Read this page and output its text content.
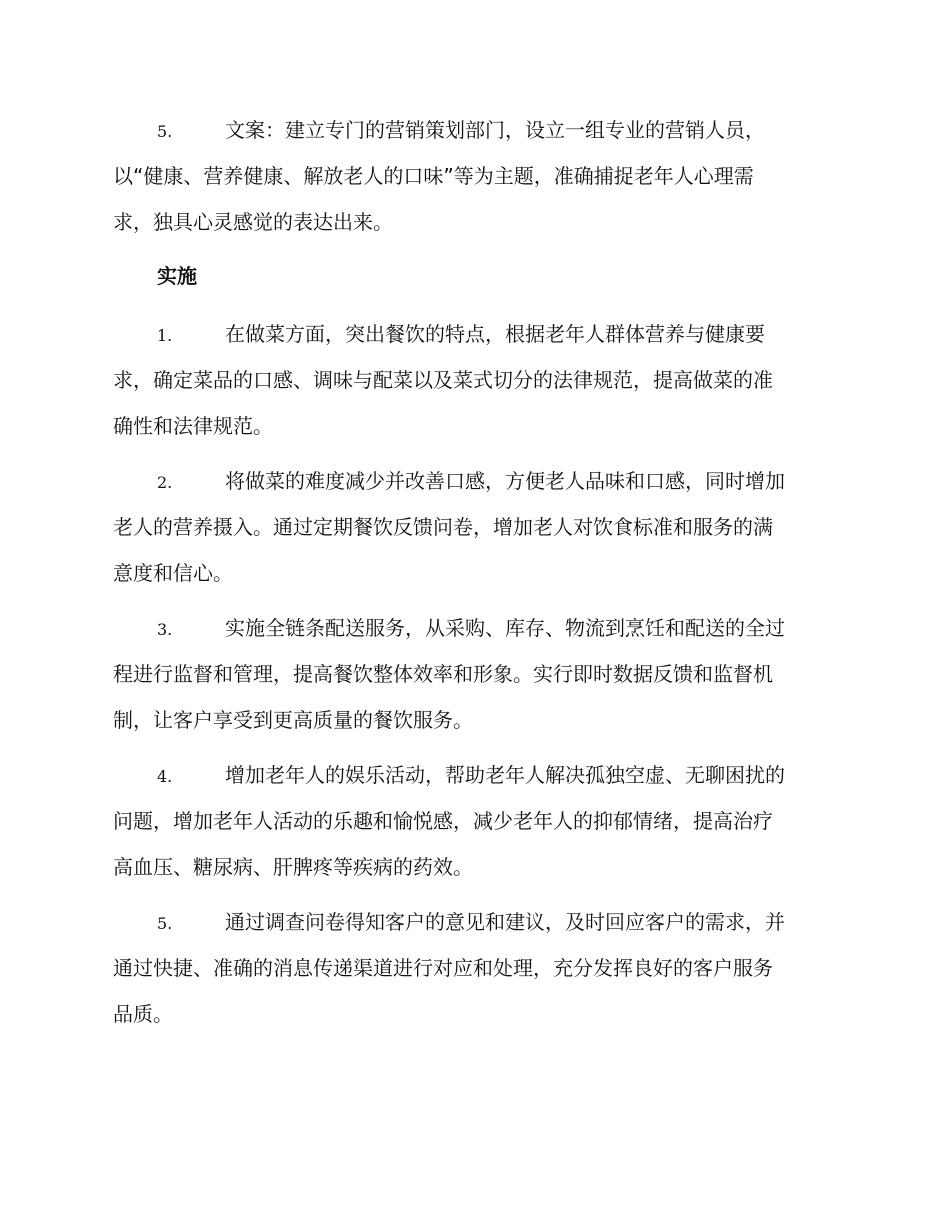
5.	文案：建立专门的营销策划部门，设立一组专业的营销人员，
以“健康、营养健康、解放老人的口味”等为主题，准确捕捉老年人心理需
求，独具心灵感觉的表达出来。
实施
1.	在做菜方面，突出餐饮的特点，根据老年人群体营养与健康要
求，确定菜品的口感、调味与配菜以及菜式切分的法律规范，提高做菜的准
确性和法律规范。
2.	将做菜的难度减少并改善口感，方便老人品味和口感，同时增加
老人的营养摄入。通过定期餐饮反馈问卷，增加老人对饮食标准和服务的满
意度和信心。
3.	实施全链条配送服务，从采购、库存、物流到烹饪和配送的全过
程进行监督和管理，提高餐饮整体效率和形象。实行即时数据反馈和监督机
制，让客户享受到更高质量的餐饮服务。
4.	增加老年人的娱乐活动，帮助老年人解决孤独空虚、无聊困扰的
问题，增加老年人活动的乐趣和愉悦感，减少老年人的抑郁情绪，提高治疗
高血压、糖尿病、肝脾疼等疾病的药效。
5.	通过调查问卷得知客户的意见和建议，及时回应客户的需求，并
通过快捷、准确的消息传递渠道进行对应和处理，充分发挥良好的客户服务
品质。
